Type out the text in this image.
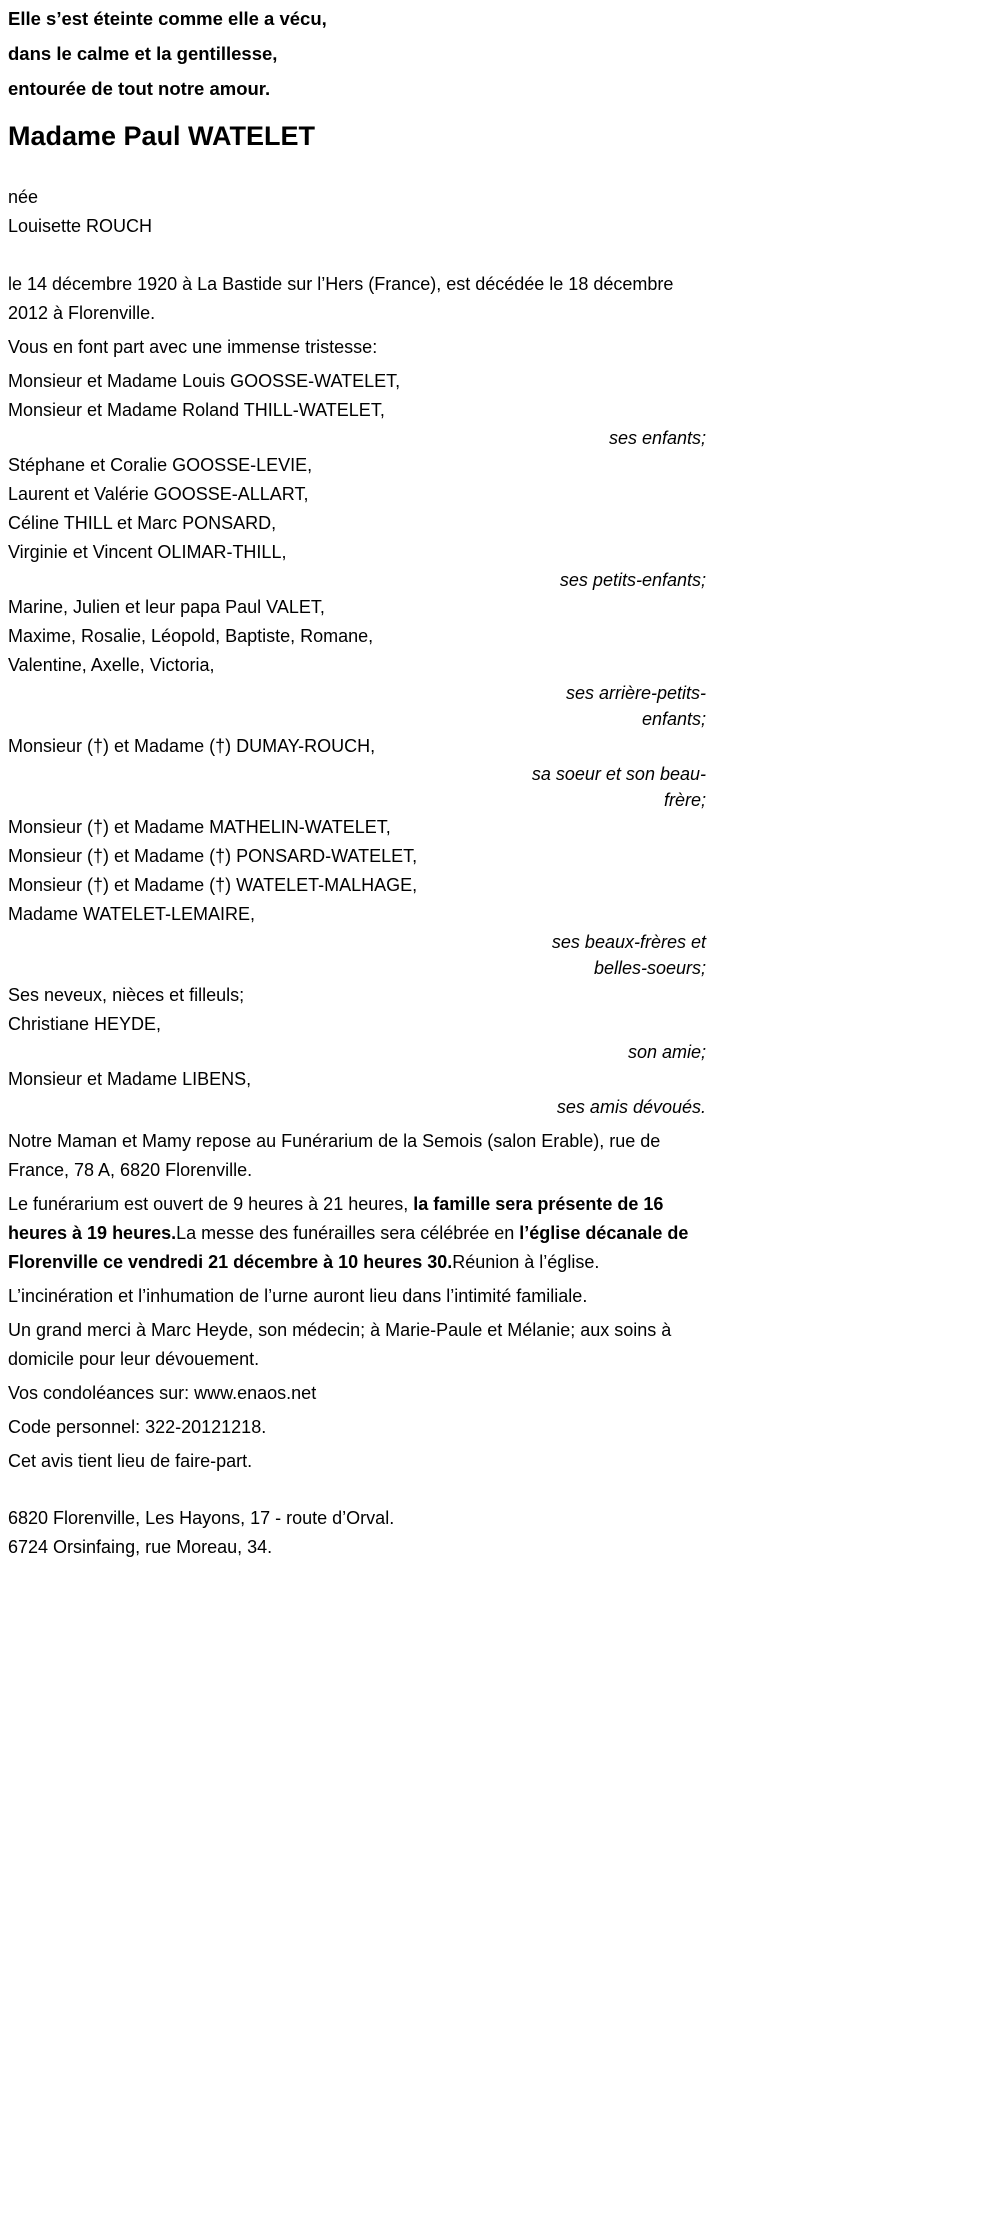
Elle s’est éteinte comme elle a vécu,

dans le calme et la gentillesse,

entourée de tout notre amour.

Madame Paul WATELET

née

Louisette ROUCH

le 14 décembre 1920 à La Bastide sur l’Hers (France), est décédée le 18 décembre 2012 à Florenville.

Vous en font part avec une immense tristesse:

Monsieur et Madame Louis GOOSSE-WATELET,

Monsieur et Madame Roland THILL-WATELET,

ses enfants;

Stéphane et Coralie GOOSSE-LEVIE,

Laurent et Valérie GOOSSE-ALLART,

Céline THILL et Marc PONSARD,

Virginie et Vincent OLIMAR-THILL,

ses petits-enfants;

Marine, Julien et leur papa Paul VALET,

Maxime, Rosalie, Léopold, Baptiste, Romane,

Valentine, Axelle, Victoria,

ses arrière-petits-enfants;

Monsieur (†) et Madame (†) DUMAY-ROUCH,

sa soeur et son beau-frère;

Monsieur (†) et Madame MATHELIN-WATELET,

Monsieur (†) et Madame (†) PONSARD-WATELET,

Monsieur (†) et Madame (†) WATELET-MALHAGE,

Madame WATELET-LEMAIRE,

ses beaux-frères et belles-soeurs;

Ses neveux, nièces et filleuls;

Christiane HEYDE,

son amie;

Monsieur et Madame LIBENS,

ses amis dévoués.

Notre Maman et Mamy repose au Funérarium de la Semois (salon Erable), rue de France, 78 A, 6820 Florenville.

Le funérarium est ouvert de 9 heures à 21 heures, la famille sera présente de 16 heures à 19 heures.La messe des funérailles sera célébrée en l’église décanale de Florenville ce vendredi 21 décembre à 10 heures 30.Réunion à l’église.

L’incinération et l’inhumation de l’urne auront lieu dans l’intimité familiale.

Un grand merci à Marc Heyde, son médecin; à Marie-Paule et Mélanie; aux soins à domicile pour leur dévouement.

Vos condoléances sur: www.enaos.net

Code personnel: 322-20121218.

Cet avis tient lieu de faire-part.

6820 Florenville, Les Hayons, 17 - route d’Orval.

6724 Orsinfaing, rue Moreau, 34.
